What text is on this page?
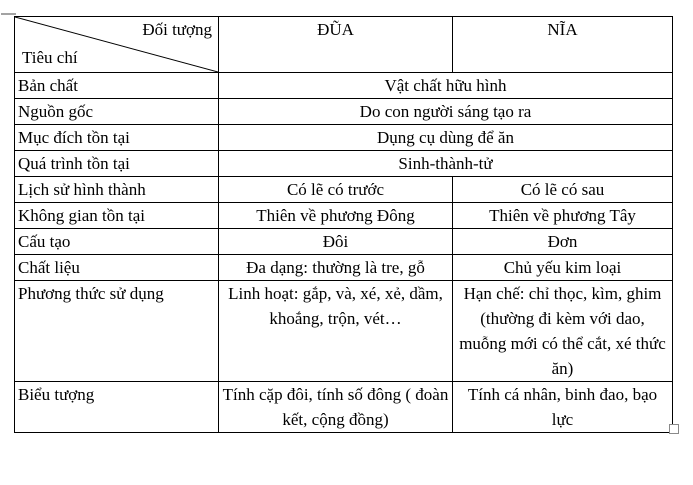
Đối tượng
Tiêu chí	ĐŨA	NĨA
Bản chất	Vật chất hữu hình	
Nguồn gốc	Do con người sáng tạo ra	
Mục đích tồn tại	Dụng cụ dùng để ăn	
Quá trình tồn tại	Sinh-thành-tử	
Lịch sử hình thành	Có lẽ có trước	Có lẽ có sau
Không gian tồn tại	Thiên về phương Đông	Thiên về phương Tây
Cấu tạo	Đôi	Đơn
Chất liệu	Đa dạng: thường là tre, gỗ	Chủ yếu kim loại
Phương thức sử dụng	Linh hoạt: gắp, và, xé, xẻ, dầm, khoắng, trộn, vét…	Hạn chế: chỉ thọc, kìm, ghim (thường đi kèm với dao, muỗng mới có thể cắt, xé thức ăn)
Biểu tượng	Tính cặp đôi, tính số đông ( đoàn kết, cộng đồng)	Tính cá nhân, binh đao, bạo lực
